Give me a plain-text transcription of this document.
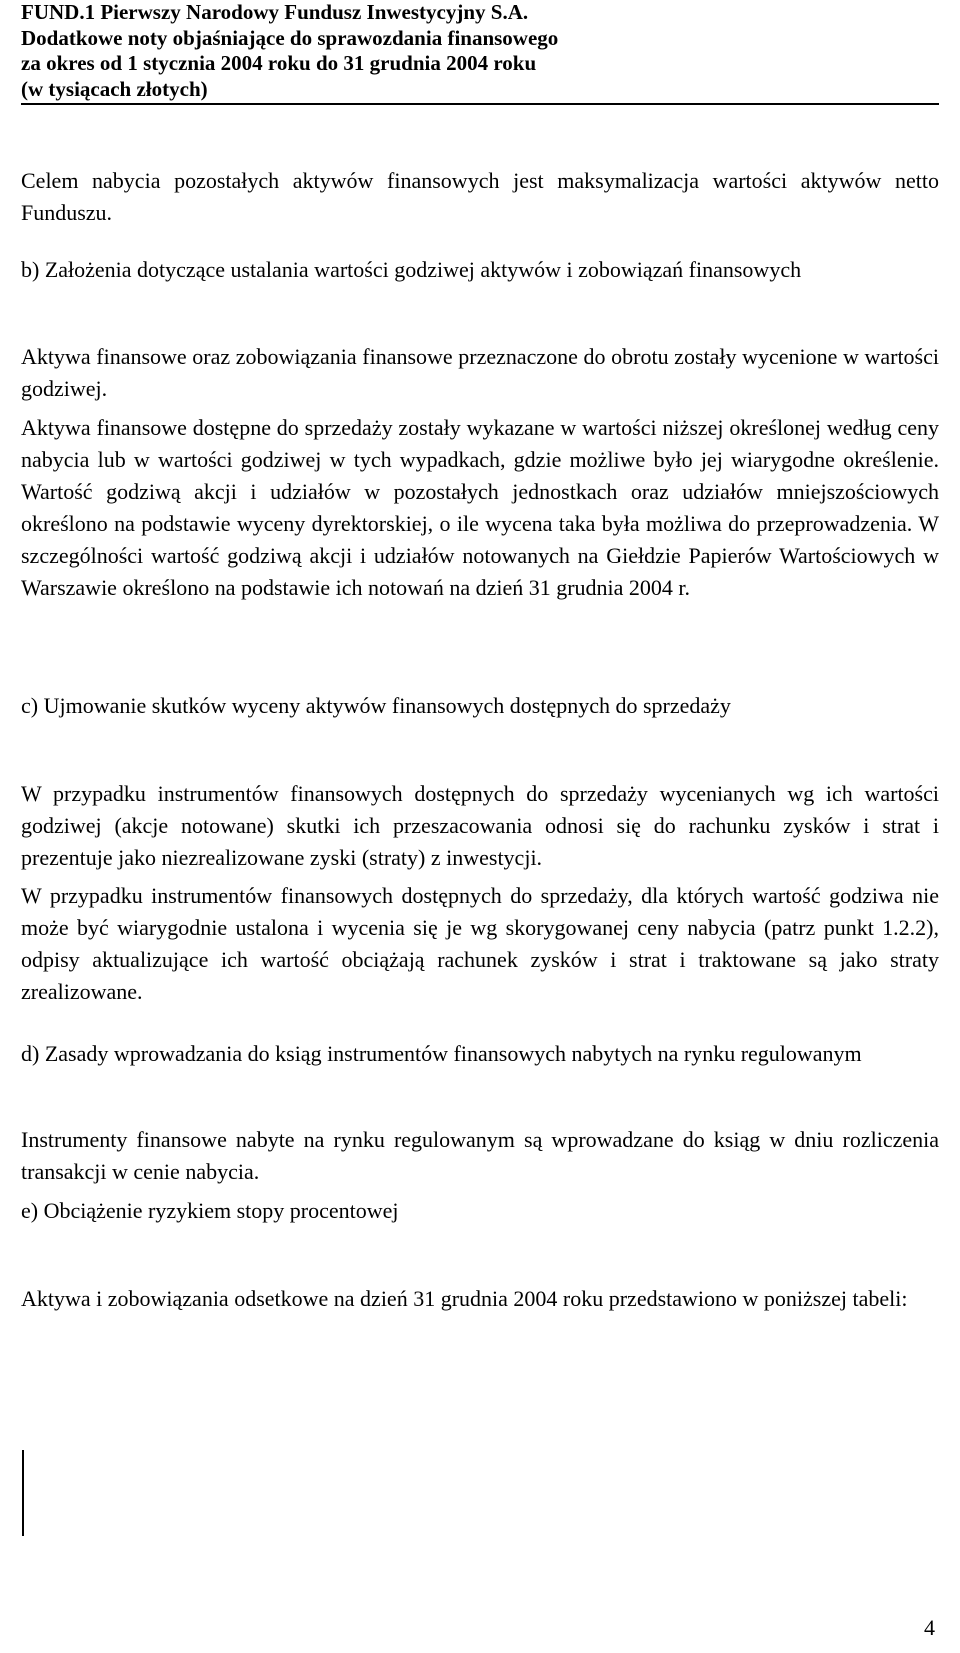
FUND.1 Pierwszy Narodowy Fundusz Inwestycyjny S.A.
Dodatkowe noty objaśniające do sprawozdania finansowego
za okres od 1 stycznia 2004 roku do 31 grudnia 2004 roku
(w tysiącach złotych)

Celem nabycia pozostałych aktywów finansowych jest maksymalizacja wartości aktywów netto Funduszu.

b) Założenia dotyczące ustalania wartości godziwej aktywów i zobowiązań finansowych

Aktywa finansowe oraz zobowiązania finansowe przeznaczone do obrotu zostały wycenione w wartości godziwej.

Aktywa finansowe dostępne do sprzedaży zostały wykazane w wartości niższej określonej według ceny nabycia lub w wartości godziwej w tych wypadkach, gdzie możliwe było jej wiarygodne określenie. Wartość godziwą akcji i udziałów w pozostałych jednostkach oraz udziałów mniejszościowych określono na podstawie wyceny dyrektorskiej, o ile wycena taka była możliwa do przeprowadzenia. W szczególności wartość godziwą akcji i udziałów notowanych na Giełdzie Papierów Wartościowych w Warszawie określono na podstawie ich notowań na dzień 31 grudnia 2004 r.

c) Ujmowanie skutków wyceny aktywów finansowych dostępnych do sprzedaży

W przypadku instrumentów finansowych dostępnych do sprzedaży wycenianych wg ich wartości godziwej (akcje notowane) skutki ich przeszacowania odnosi się do rachunku zysków i strat i prezentuje jako niezrealizowane zyski (straty) z inwestycji.

W przypadku instrumentów finansowych dostępnych do sprzedaży, dla których wartość godziwa nie może być wiarygodnie ustalona i wycenia się je wg skorygowanej ceny nabycia (patrz punkt 1.2.2), odpisy aktualizujące ich wartość obciążają rachunek zysków i strat i traktowane są jako straty zrealizowane.

d) Zasady wprowadzania do ksiąg instrumentów finansowych nabytych na rynku regulowanym

Instrumenty finansowe nabyte na rynku regulowanym są wprowadzane do ksiąg w dniu rozliczenia transakcji w cenie nabycia.

e) Obciążenie ryzykiem stopy procentowej

Aktywa i zobowiązania odsetkowe na dzień 31 grudnia 2004 roku przedstawiono w poniższej tabeli:

4
